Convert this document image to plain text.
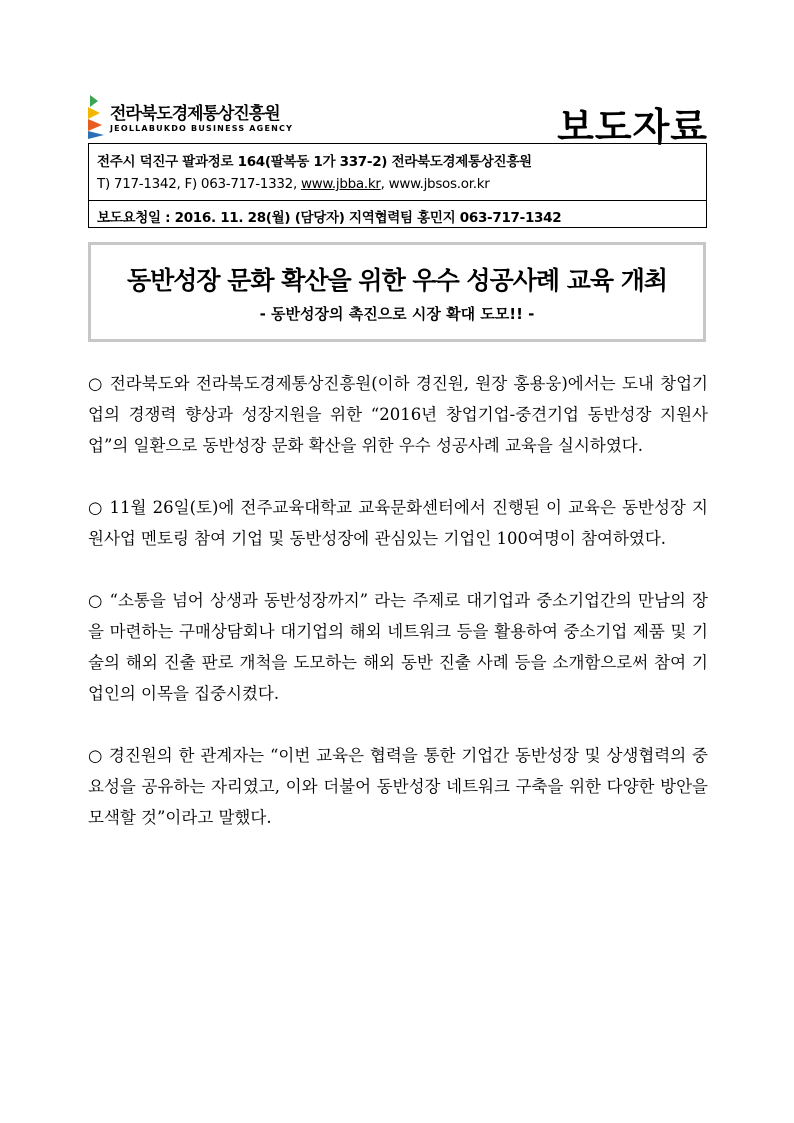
전라북도경제통상진흥원
JEOLLABUKDO BUSINESS AGENCY	보도자료
전주시 덕진구 팔과정로 164(팔복동 1가 337-2) 전라북도경제통상진흥원
T) 717-1342, F) 063-717-1332, www.jbba.kr, www.jbsos.or.kr
보도요청일 : 2016. 11. 28(월) (담당자) 지역협력팀 홍민지 063-717-1342
동반성장 문화 확산을 위한 우수 성공사례 교육 개최
- 동반성장의 촉진으로 시장 확대 도모!! -

○ 전라북도와 전라북도경제통상진흥원(이하 경진원, 원장 홍용웅)에서는 도내 창업기업의 경쟁력 향상과 성장지원을 위한 “2016년 창업기업-중견기업 동반성장 지원사업”의 일환으로 동반성장 문화 확산을 위한 우수 성공사례 교육을 실시하였다.

○ 11월 26일(토)에 전주교육대학교 교육문화센터에서 진행된 이 교육은 동반성장 지원사업 멘토링 참여 기업 및 동반성장에 관심있는 기업인 100여명이 참여하였다.

○ “소통을 넘어 상생과 동반성장까지” 라는 주제로 대기업과 중소기업간의 만남의 장을 마련하는 구매상담회나 대기업의 해외 네트워크 등을 활용하여 중소기업 제품 및 기술의 해외 진출 판로 개척을 도모하는 해외 동반 진출 사례 등을 소개함으로써 참여 기업인의 이목을 집중시켰다.

○ 경진원의 한 관계자는 “이번 교육은 협력을 통한 기업간 동반성장 및 상생협력의 중요성을 공유하는 자리였고, 이와 더불어 동반성장 네트워크 구축을 위한 다양한 방안을 모색할 것”이라고 말했다.
